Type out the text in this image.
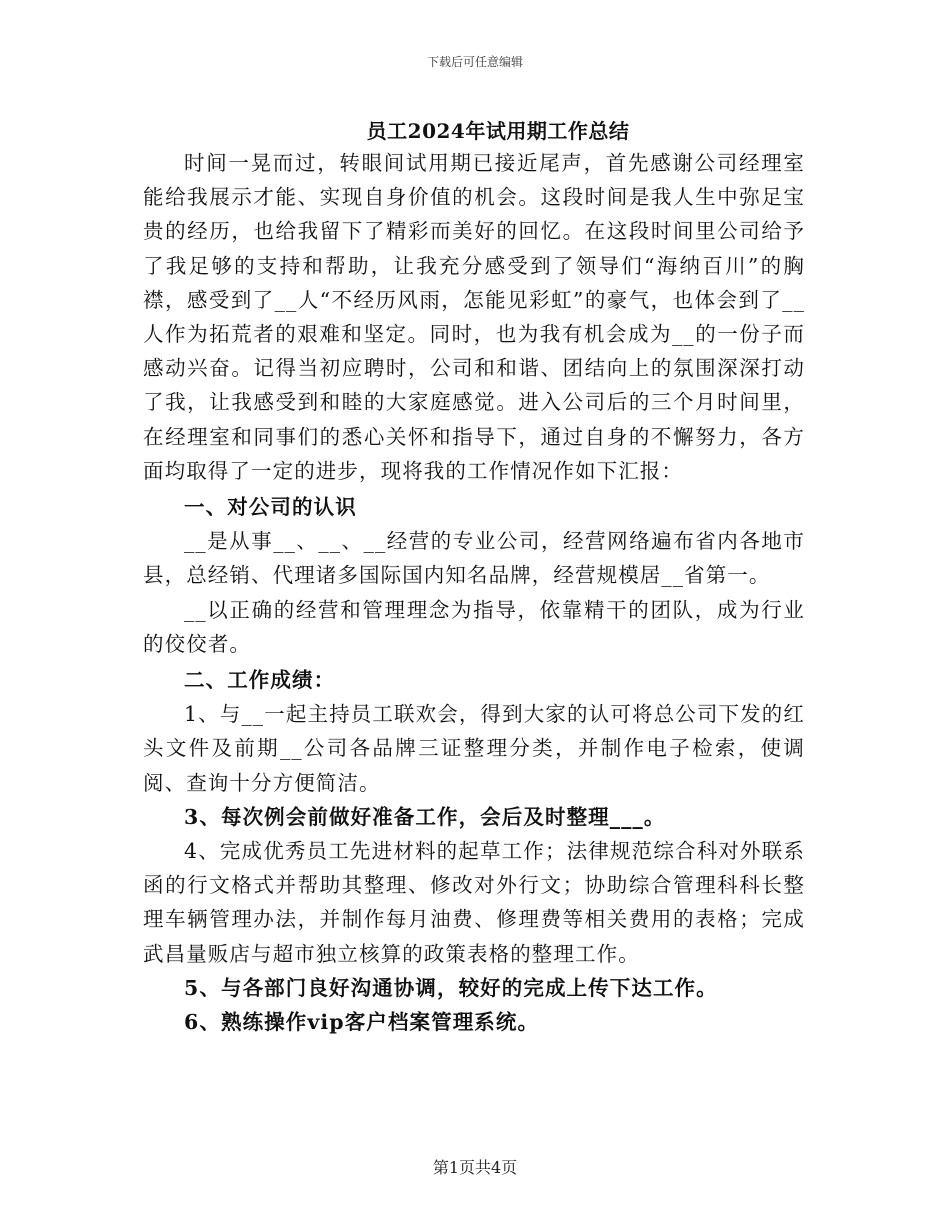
下载后可任意编辑
员工2024年试用期工作总结

时间一晃而过，转眼间试用期已接近尾声，首先感谢公司经理室能给我展示才能、实现自身价值的机会。这段时间是我人生中弥足宝贵的经历，也给我留下了精彩而美好的回忆。在这段时间里公司给予了我足够的支持和帮助，让我充分感受到了领导们“海纳百川”的胸襟，感受到了__人“不经历风雨，怎能见彩虹”的豪气，也体会到了__人作为拓荒者的艰难和坚定。同时，也为我有机会成为__的一份子而感动兴奋。记得当初应聘时，公司和和谐、团结向上的氛围深深打动了我，让我感受到和睦的大家庭感觉。进入公司后的三个月时间里，在经理室和同事们的悉心关怀和指导下，通过自身的不懈努力，各方面均取得了一定的进步，现将我的工作情况作如下汇报：

一、对公司的认识

__是从事__、__、__经营的专业公司，经营网络遍布省内各地市县，总经销、代理诸多国际国内知名品牌，经营规模居__省第一。

__以正确的经营和管理理念为指导，依靠精干的团队，成为行业的佼佼者。

二、工作成绩：

1、与__一起主持员工联欢会，得到大家的认可将总公司下发的红头文件及前期__公司各品牌三证整理分类，并制作电子检索，使调阅、查询十分方便简洁。

3、每次例会前做好准备工作，会后及时整理___。

4、完成优秀员工先进材料的起草工作；法律规范综合科对外联系函的行文格式并帮助其整理、修改对外行文；协助综合管理科科长整理车辆管理办法，并制作每月油费、修理费等相关费用的表格；完成武昌量贩店与超市独立核算的政策表格的整理工作。

5、与各部门良好沟通协调，较好的完成上传下达工作。

6、熟练操作vip客户档案管理系统。

第1页共4页
